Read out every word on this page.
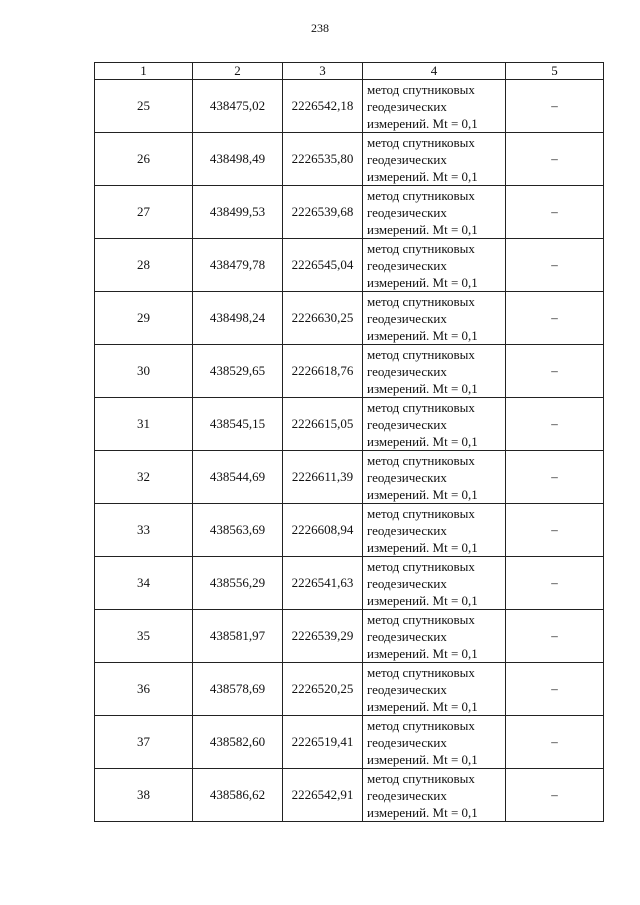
238
1	2	3	4	5
25	438475,02	2226542,18	метод спутниковых
геодезических
измерений. Mt = 0,1	–
26	438498,49	2226535,80	метод спутниковых
геодезических
измерений. Mt = 0,1	–
27	438499,53	2226539,68	метод спутниковых
геодезических
измерений. Mt = 0,1	–
28	438479,78	2226545,04	метод спутниковых
геодезических
измерений. Mt = 0,1	–
29	438498,24	2226630,25	метод спутниковых
геодезических
измерений. Mt = 0,1	–
30	438529,65	2226618,76	метод спутниковых
геодезических
измерений. Mt = 0,1	–
31	438545,15	2226615,05	метод спутниковых
геодезических
измерений. Mt = 0,1	–
32	438544,69	2226611,39	метод спутниковых
геодезических
измерений. Mt = 0,1	–
33	438563,69	2226608,94	метод спутниковых
геодезических
измерений. Mt = 0,1	–
34	438556,29	2226541,63	метод спутниковых
геодезических
измерений. Mt = 0,1	–
35	438581,97	2226539,29	метод спутниковых
геодезических
измерений. Mt = 0,1	–
36	438578,69	2226520,25	метод спутниковых
геодезических
измерений. Mt = 0,1	–
37	438582,60	2226519,41	метод спутниковых
геодезических
измерений. Mt = 0,1	–
38	438586,62	2226542,91	метод спутниковых
геодезических
измерений. Mt = 0,1	–
